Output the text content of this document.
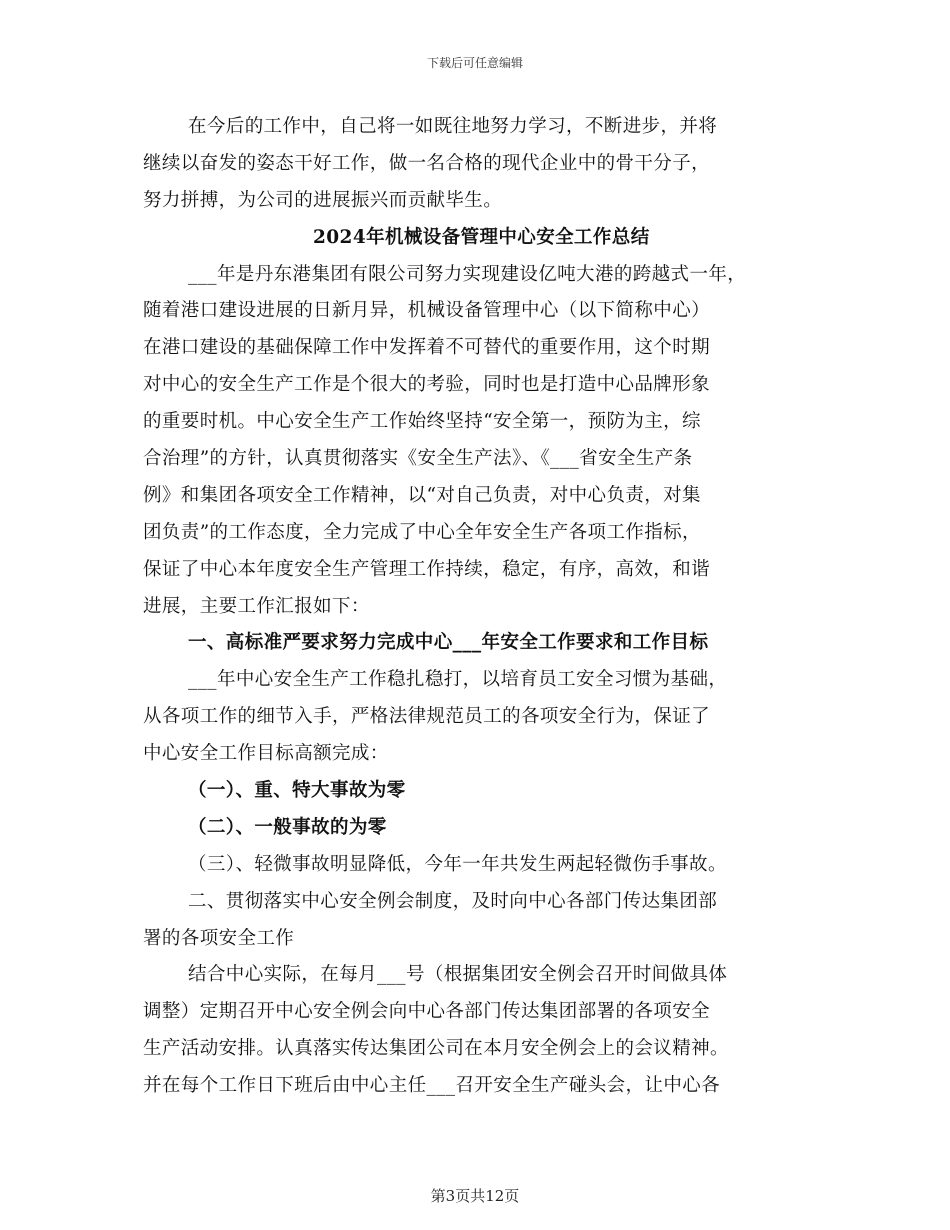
下载后可任意编辑
在今后的工作中，自己将一如既往地努力学习，不断进步，并将
继续以奋发的姿态干好工作，做一名合格的现代企业中的骨干分子，
努力拼搏，为公司的进展振兴而贡献毕生。
2024年机械设备管理中心安全工作总结
___年是丹东港集团有限公司努力实现建设亿吨大港的跨越式一年，
随着港口建设进展的日新月异，机械设备管理中心（以下简称中心）
在港口建设的基础保障工作中发挥着不可替代的重要作用，这个时期
对中心的安全生产工作是个很大的考验，同时也是打造中心品牌形象
的重要时机。中心安全生产工作始终坚持“安全第一，预防为主，综
合治理”的方针，认真贯彻落实《安全生产法》、《___省安全生产条
例》和集团各项安全工作精神，以“对自己负责，对中心负责，对集
团负责”的工作态度，全力完成了中心全年安全生产各项工作指标，
保证了中心本年度安全生产管理工作持续，稳定，有序，高效，和谐
进展，主要工作汇报如下：
一、高标准严要求努力完成中心___年安全工作要求和工作目标
___年中心安全生产工作稳扎稳打，以培育员工安全习惯为基础，
从各项工作的细节入手，严格法律规范员工的各项安全行为，保证了
中心安全工作目标高额完成：
（一）、重、特大事故为零
（二）、一般事故的为零
（三）、轻微事故明显降低，今年一年共发生两起轻微伤手事故。
二、贯彻落实中心安全例会制度，及时向中心各部门传达集团部
署的各项安全工作
结合中心实际，在每月___号（根据集团安全例会召开时间做具体
调整）定期召开中心安全例会向中心各部门传达集团部署的各项安全
生产活动安排。认真落实传达集团公司在本月安全例会上的会议精神。
并在每个工作日下班后由中心主任___召开安全生产碰头会，让中心各
第3页共12页
